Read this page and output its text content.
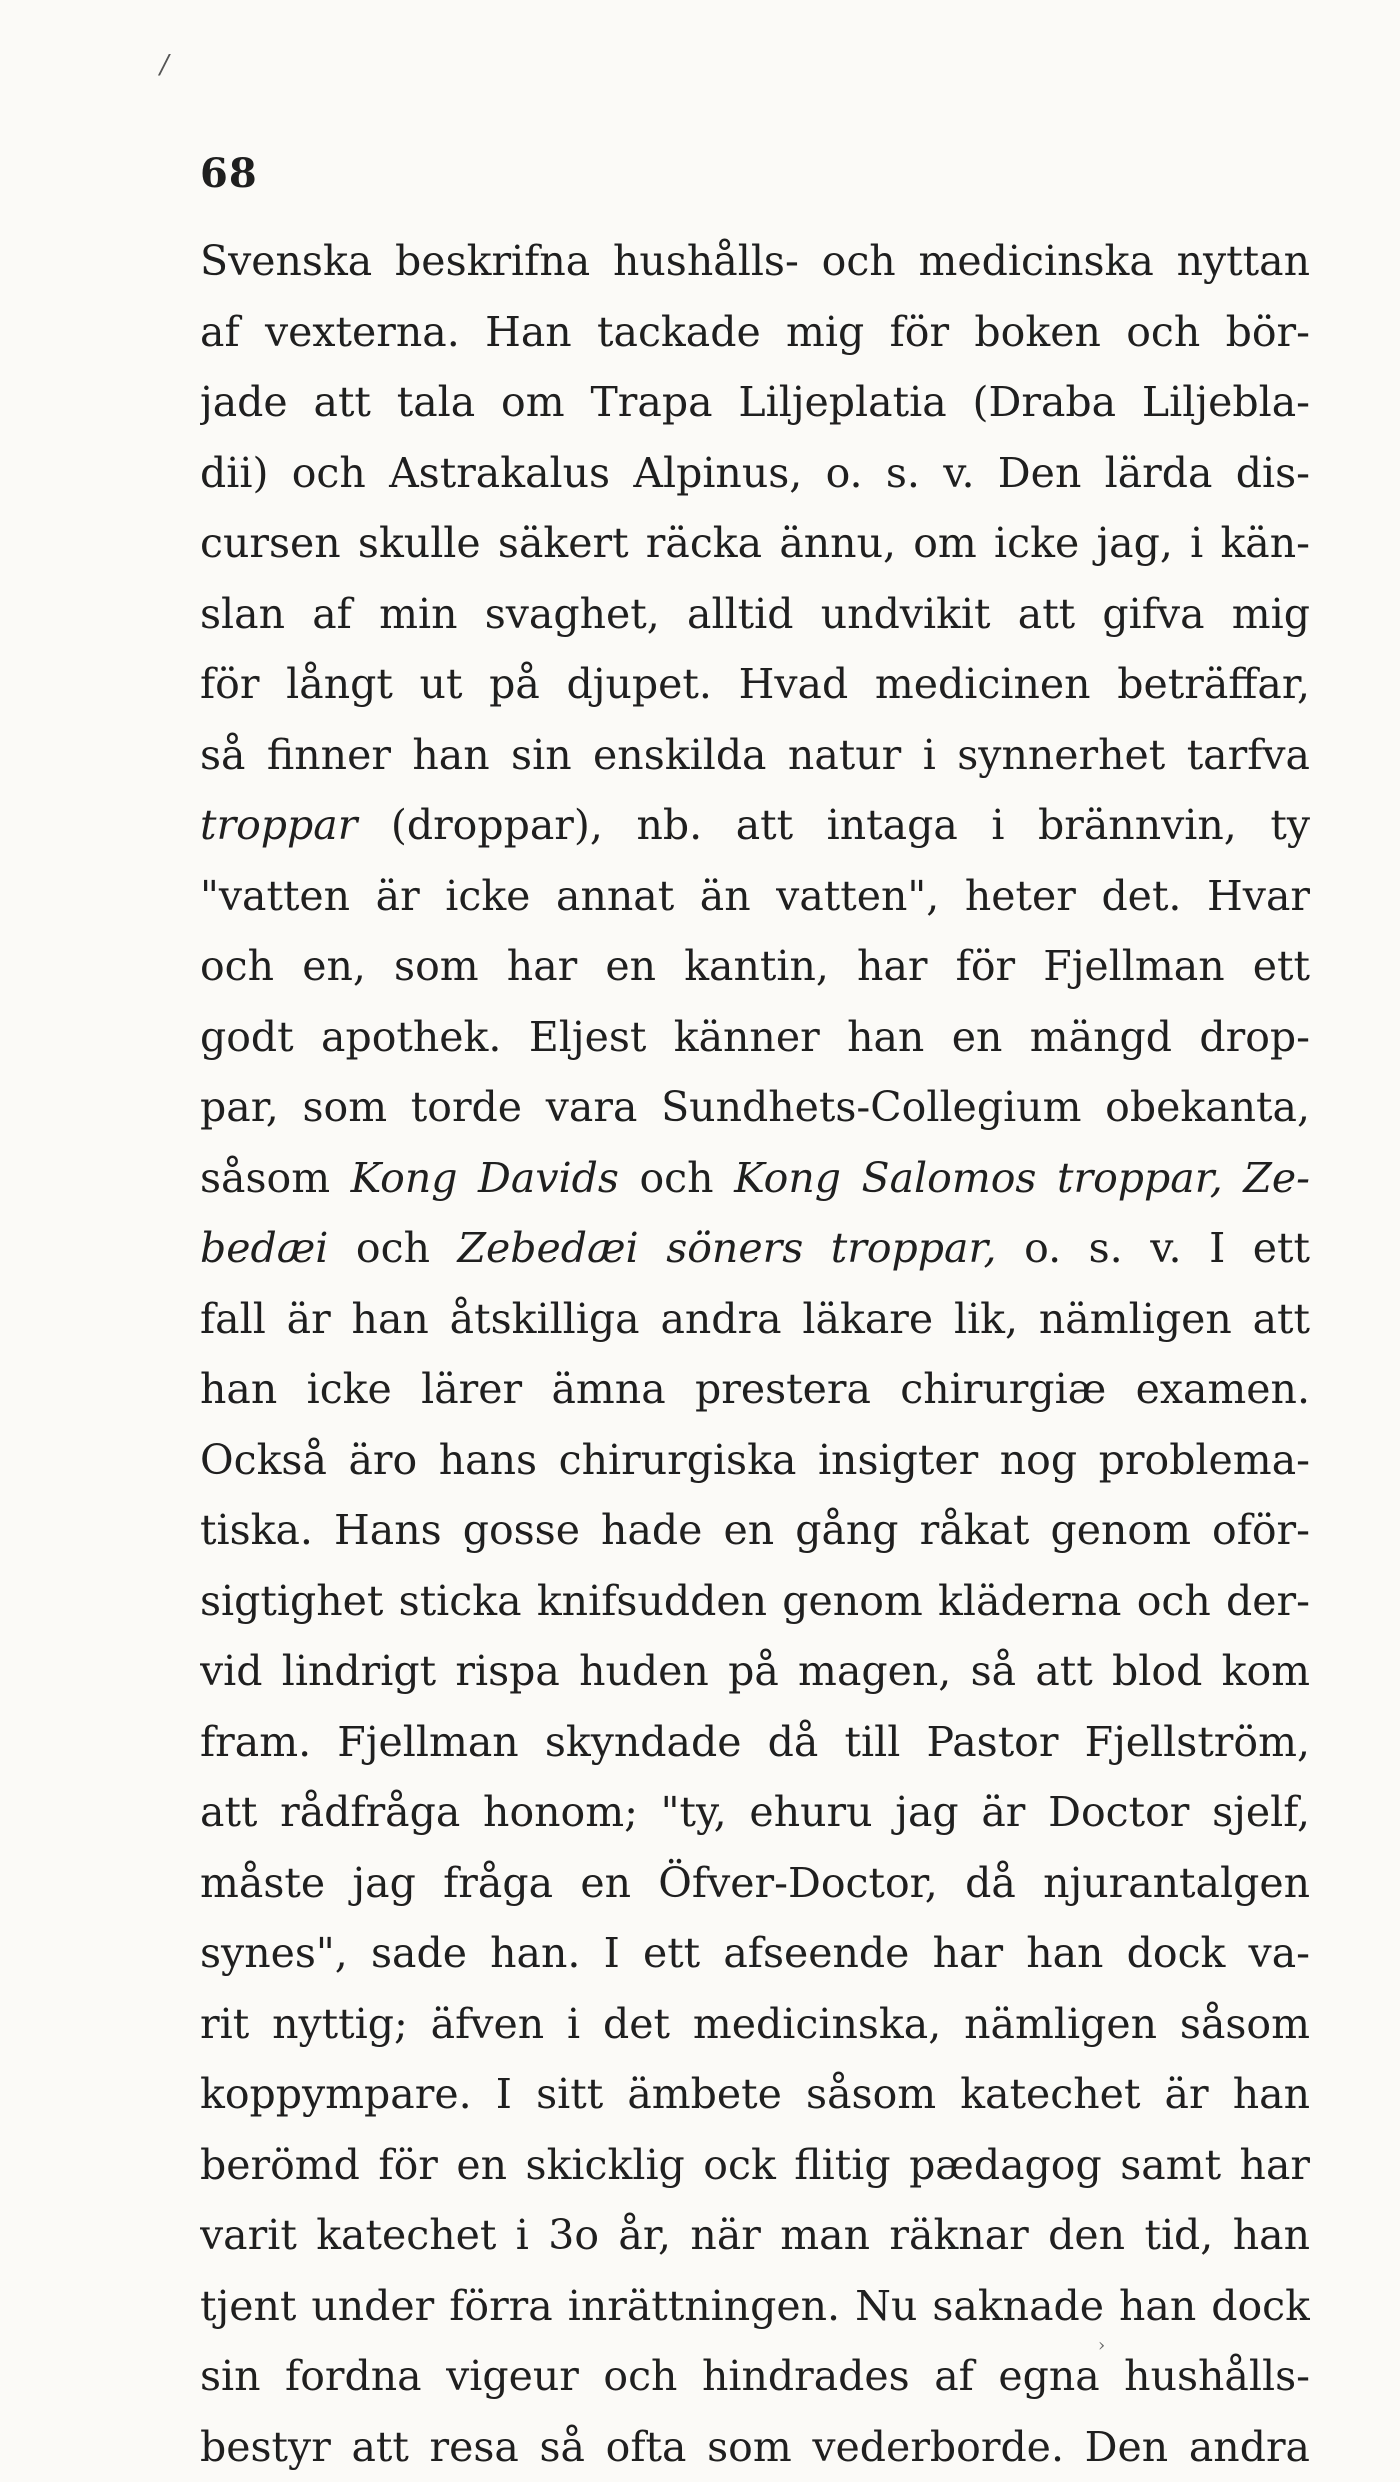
/
68
Svenska beskrifna hushålls- och medicinska nyttan
af vexterna. Han tackade mig för boken och bör-
jade att tala om Trapa Liljeplatia (Draba Liljebla-
dii) och Astrakalus Alpinus, o. s. v. Den lärda dis-
cursen skulle säkert räcka ännu, om icke jag, i kän-
slan af min svaghet, alltid undvikit att gifva mig
för långt ut på djupet. Hvad medicinen beträffar,
så finner han sin enskilda natur i synnerhet tarfva
troppar (droppar), nb. att intaga i brännvin, ty
"vatten är icke annat än vatten", heter det. Hvar
och en, som har en kantin, har för Fjellman ett
godt apothek. Eljest känner han en mängd drop-
par, som torde vara Sundhets-Collegium obekanta,
såsom Kong Davids och Kong Salomos troppar, Ze-
bedæi och Zebedæi söners troppar, o. s. v. I ett
fall är han åtskilliga andra läkare lik, nämligen att
han icke lärer ämna prestera chirurgiæ examen.
Också äro hans chirurgiska insigter nog problema-
tiska. Hans gosse hade en gång råkat genom oför-
sigtighet sticka knifsudden genom kläderna och der-
vid lindrigt rispa huden på magen, så att blod kom
fram. Fjellman skyndade då till Pastor Fjellström,
att rådfråga honom; "ty, ehuru jag är Doctor sjelf,
måste jag fråga en Öfver-Doctor, då njurantalgen
synes", sade han. I ett afseende har han dock va-
rit nyttig; äfven i det medicinska, nämligen såsom
koppympare. I sitt ämbete såsom katechet är han
berömd för en skicklig ock flitig pædagog samt har
varit katechet i 3o år, när man räknar den tid, han
tjent under förra inrättningen. Nu saknade han dock
sin fordna vigeur och hindrades af egna hushålls-
bestyr att resa så ofta som vederborde. Den andra
›
